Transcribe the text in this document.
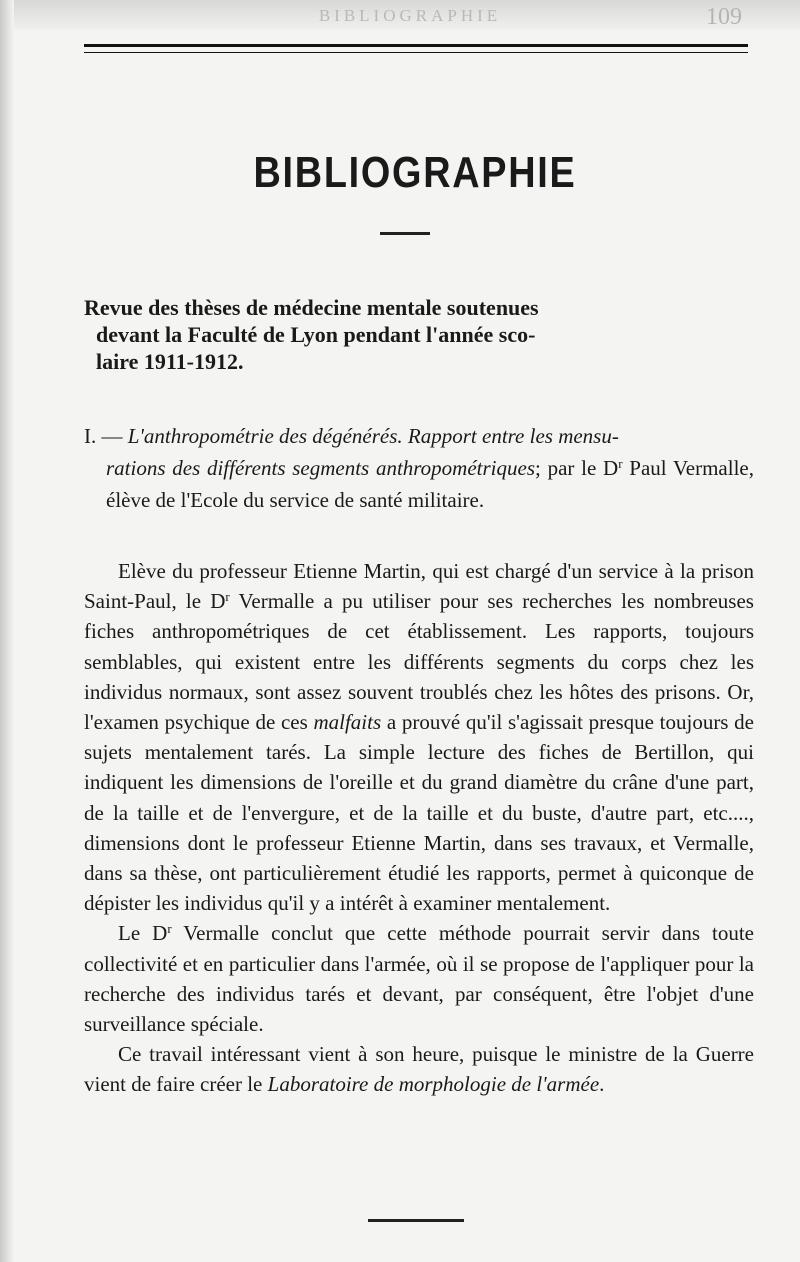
BIBLIOGRAPHIE	109
BIBLIOGRAPHIE
Revue des thèses de médecine mentale soutenues
devant la Faculté de Lyon pendant l'année sco-
laire 1911-1912.
I. — L'anthropométrie des dégénérés. Rapport entre les mensu-
rations des différents segments anthropométriques; par le $D^r$ Paul Vermalle, élève de l'Ecole du service de santé militaire.

Elève du professeur Etienne Martin, qui est chargé d'un service à la prison Saint-Paul, le $D^r$ Vermalle a pu utiliser pour ses recherches les nombreuses fiches anthropométriques de cet établissement. Les rapports, toujours semblables, qui existent entre les différents segments du corps chez les individus normaux, sont assez souvent troublés chez les hôtes des prisons. Or, l'examen psychique de ces malfaits a prouvé qu'il s'agissait presque toujours de sujets mentalement tarés. La simple lecture des fiches de Bertillon, qui indiquent les dimensions de l'oreille et du grand diamètre du crâne d'une part, de la taille et de l'envergure, et de la taille et du buste, d'autre part, etc...., dimensions dont le professeur Etienne Martin, dans ses travaux, et Vermalle, dans sa thèse, ont particulièrement étudié les rapports, permet à quiconque de dépister les individus qu'il y a intérêt à examiner mentalement.

Le $D^r$ Vermalle conclut que cette méthode pourrait servir dans toute collectivité et en particulier dans l'armée, où il se propose de l'appliquer pour la recherche des individus tarés et devant, par conséquent, être l'objet d'une surveillance spéciale.

Ce travail intéressant vient à son heure, puisque le ministre de la Guerre vient de faire créer le Laboratoire de morphologie de l'armée.
